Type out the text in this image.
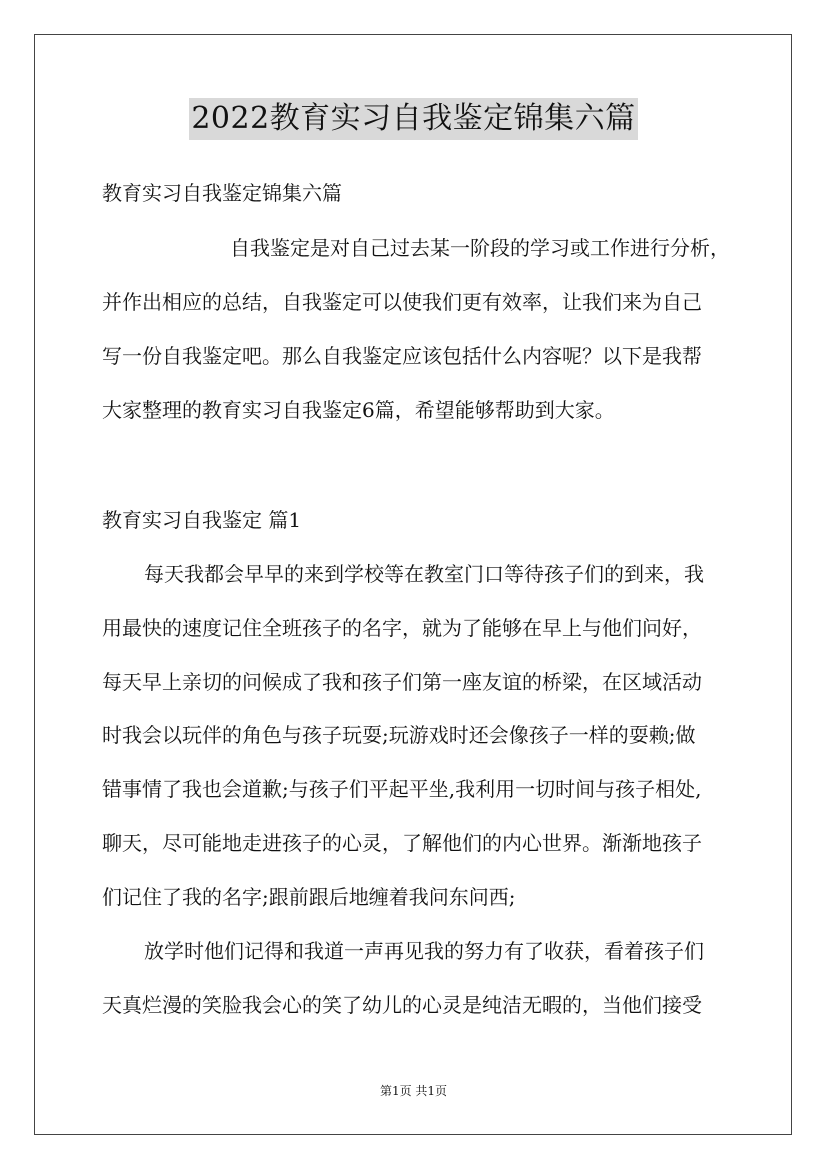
2022教育实习自我鉴定锦集六篇
教育实习自我鉴定锦集六篇
自我鉴定是对自己过去某一阶段的学习或工作进行分析，
并作出相应的总结，自我鉴定可以使我们更有效率，让我们来为自己
写一份自我鉴定吧。那么自我鉴定应该包括什么内容呢？以下是我帮
大家整理的教育实习自我鉴定6篇，希望能够帮助到大家。
教育实习自我鉴定 篇1
每天我都会早早的来到学校等在教室门口等待孩子们的到来，我
用最快的速度记住全班孩子的名字，就为了能够在早上与他们问好，
每天早上亲切的问候成了我和孩子们第一座友谊的桥梁，在区域活动
时我会以玩伴的角色与孩子玩耍;玩游戏时还会像孩子一样的耍赖;做
错事情了我也会道歉;与孩子们平起平坐,我利用一切时间与孩子相处,
聊天，尽可能地走进孩子的心灵，了解他们的内心世界。渐渐地孩子
们记住了我的名字;跟前跟后地缠着我问东问西;
放学时他们记得和我道一声再见我的努力有了收获，看着孩子们
天真烂漫的笑脸我会心的笑了幼儿的心灵是纯洁无暇的，当他们接受
第1页 共1页
